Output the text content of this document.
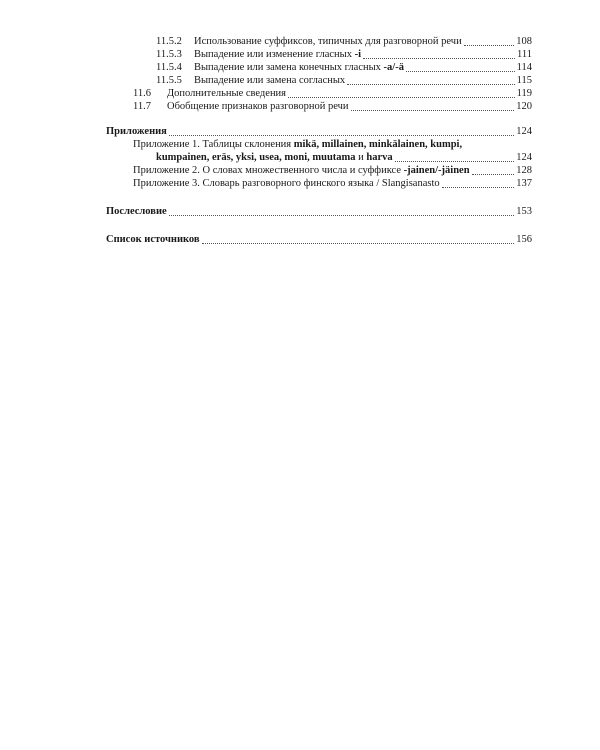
11.5.2	Использование суффиксов, типичных для разговорной речи	108
11.5.3	Выпадение или изменение гласных -i	111
11.5.4	Выпадение или замена конечных гласных -a/-ä	114
11.5.5	Выпадение или замена согласных	115
11.6	Дополнительные сведения	119
11.7	Обобщение признаков разговорной речи	120
Приложения	124
Приложение 1. Таблицы склонения mikä, millainen, minkälainen, kumpi,
kumpainen, eräs, yksi, usea, moni, muutama и harva	124
Приложение 2. О словах множественного числа и суффиксе -jainen/-jäinen	128
Приложение 3. Словарь разговорного финского языка / Slangisanasto	137
Послесловие	153
Список источников	156
